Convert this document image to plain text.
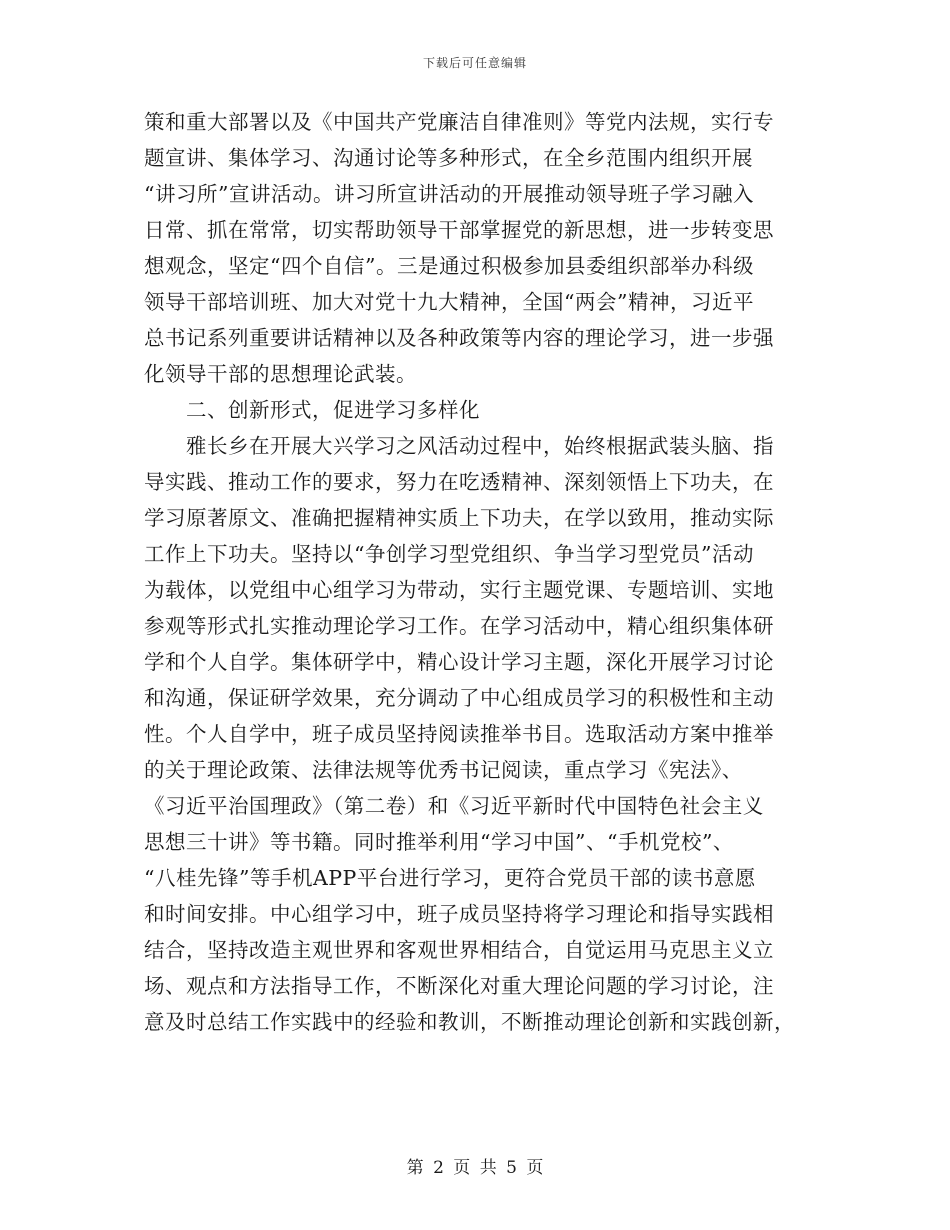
下载后可任意编辑
策和重大部署以及《中国共产党廉洁自律准则》等党内法规，实行专
题宣讲、集体学习、沟通讨论等多种形式，在全乡范围内组织开展
“讲习所”宣讲活动。讲习所宣讲活动的开展推动领导班子学习融入
日常、抓在常常，切实帮助领导干部掌握党的新思想，进一步转变思
想观念，坚定“四个自信”。三是通过积极参加县委组织部举办科级
领导干部培训班、加大对党十九大精神，全国“两会”精神，习近平
总书记系列重要讲话精神以及各种政策等内容的理论学习，进一步强
化领导干部的思想理论武装。
二、创新形式，促进学习多样化
雅长乡在开展大兴学习之风活动过程中，始终根据武装头脑、指
导实践、推动工作的要求，努力在吃透精神、深刻领悟上下功夫，在
学习原著原文、准确把握精神实质上下功夫，在学以致用，推动实际
工作上下功夫。坚持以“争创学习型党组织、争当学习型党员”活动
为载体，以党组中心组学习为带动，实行主题党课、专题培训、实地
参观等形式扎实推动理论学习工作。在学习活动中，精心组织集体研
学和个人自学。集体研学中，精心设计学习主题，深化开展学习讨论
和沟通，保证研学效果，充分调动了中心组成员学习的积极性和主动
性。个人自学中，班子成员坚持阅读推举书目。选取活动方案中推举
的关于理论政策、法律法规等优秀书记阅读，重点学习《宪法》、
《习近平治国理政》（第二卷）和《习近平新时代中国特色社会主义
思想三十讲》等书籍。同时推举利用“学习中国”、“手机党校”、
“八桂先锋”等手机APP平台进行学习，更符合党员干部的读书意愿
和时间安排。中心组学习中，班子成员坚持将学习理论和指导实践相
结合，坚持改造主观世界和客观世界相结合，自觉运用马克思主义立
场、观点和方法指导工作，不断深化对重大理论问题的学习讨论，注
意及时总结工作实践中的经验和教训，不断推动理论创新和实践创新，
第 2 页 共 5 页
